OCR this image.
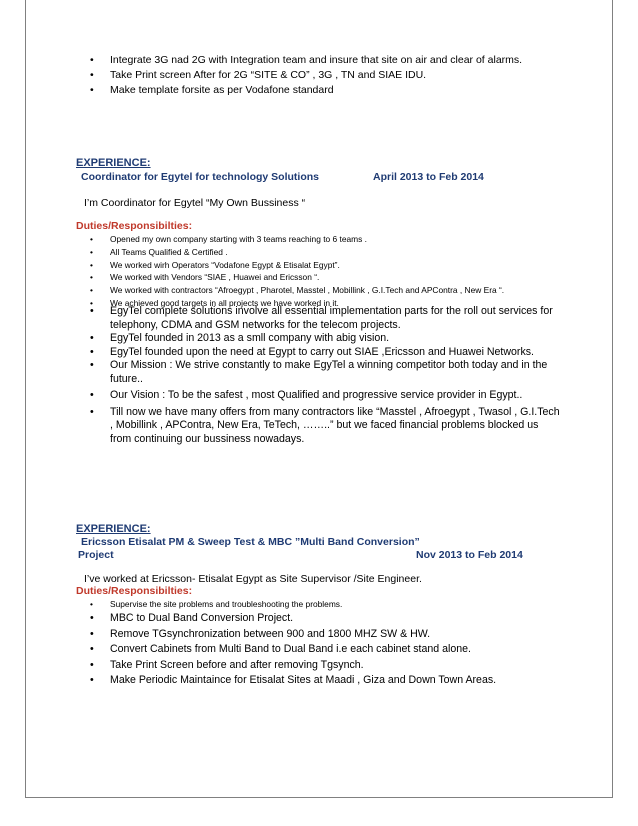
• Integrate 3G nad 2G with Integration team and insure that site on air and clear of alarms.
• Take Print screen After for 2G “SITE & CO” , 3G , TN and SIAE IDU.
• Make template forsite as per Vodafone standard
EXPERIENCE:
Coordinator for Egytel for technology Solutions	April 2013 to Feb 2014
I’m Coordinator for Egytel “My Own Bussiness “
Duties/Responsibilties:
• Opened my own company starting with 3 teams reaching to 6 teams .
• All Teams Qualified & Certified .
• We worked wirh Operators “Vodafone Egypt & Etisalat Egypt”.
• We worked with Vendors “SIAE , Huawei and Ericsson “.
• We worked with contractors “Afroegypt , Pharotel, Masstel , Mobillink , G.I.Tech and APContra , New Era “.
• We achieved good targets in all projects we have worked in it.
• EgyTel complete solutions involve all essential implementation parts for the roll out services for telephony, CDMA and GSM networks for the telecom projects.
• EgyTel founded in 2013 as a smll company with abig vision.
• EgyTel founded upon the need at Egypt to carry out SIAE ,Ericsson and Huawei Networks.
• Our Mission : We strive constantly to make EgyTel a winning competitor both today and in the future..
• Our Vision : To be the safest , most Qualified and progressive service provider in Egypt..
• Till now we have many offers from many contractors like “Masstel , Afroegypt , Twasol , G.I.Tech , Mobillink , APContra, New Era, TeTech, ……..” but we faced financial problems blocked us from continuing our bussiness nowadays.
EXPERIENCE:
Ericsson Etisalat PM & Sweep Test & MBC ”Multi Band Conversion”
Project	Nov 2013 to Feb 2014
I’ve worked at Ericsson- Etisalat Egypt as Site Supervisor /Site Engineer.
Duties/Responsibilties:
• Supervise the site problems and troubleshooting the problems.
• MBC to Dual Band Conversion Project.
• Remove TGsynchronization between 900 and 1800 MHZ SW & HW.
• Convert Cabinets from Multi Band to Dual Band i.e each cabinet stand alone.
• Take Print Screen before and after removing Tgsynch.
• Make Periodic Maintaince for Etisalat Sites at Maadi , Giza and Down Town Areas.
